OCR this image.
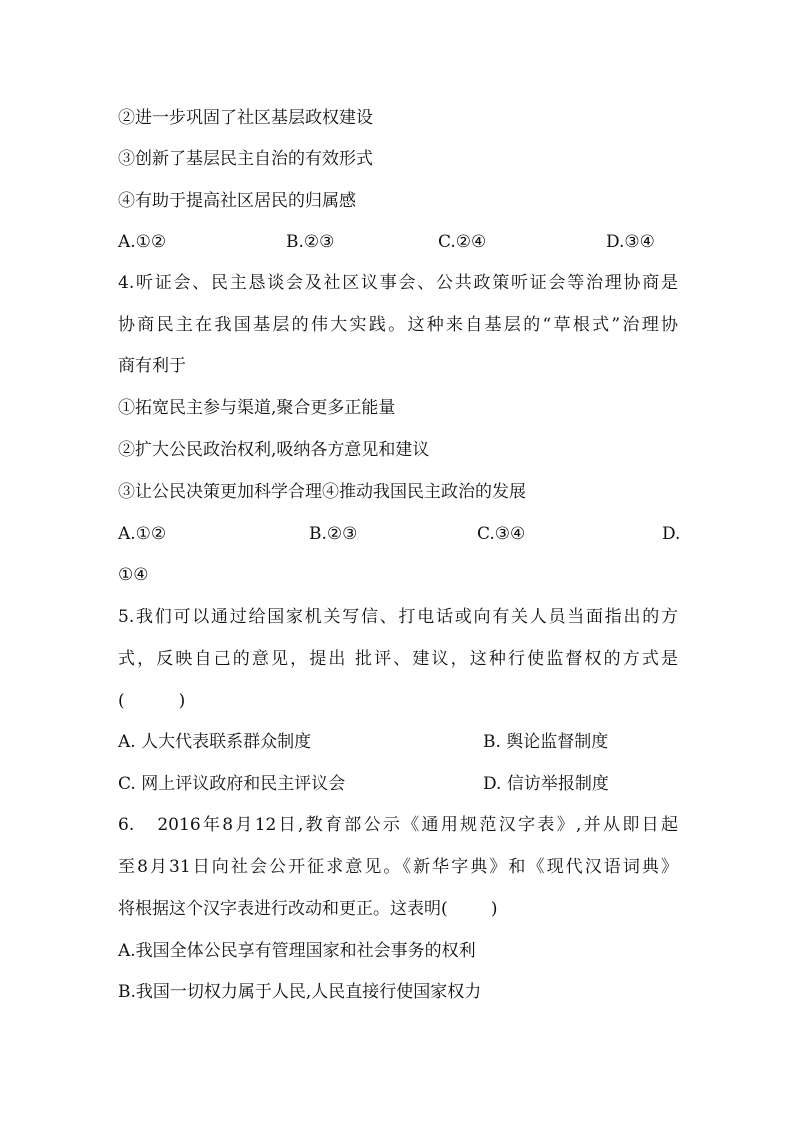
②进一步巩固了社区基层政权建设
③创新了基层民主自治的有效形式
④有助于提高社区居民的归属感
A.①②	B.②③	C.②④	D.③④
4.听证会、民主恳谈会及社区议事会、公共政策听证会等治理协商是
协商民主在我国基层的伟大实践。这种来自基层的“草根式”治理协
商有利于
①拓宽民主参与渠道,聚合更多正能量
②扩大公民政治权利,吸纳各方意见和建议
③让公民决策更加科学合理④推动我国民主政治的发展
A.①②	B.②③	C.③④	D.
①④
5.我们可以通过给国家机关写信、打电话或向有关人员当面指出的方
式，反映自己的意见，提出 批评、建议，这种行使监督权的方式是
(          )
A. 人大代表联系群众制度	B. 舆论监督制度
C. 网上评议政府和民主评议会	D. 信访举报制度
6.   2016年8月12日,教育部公示《通用规范汉字表》,并从即日起
至8月31日向社会公开征求意见。《新华字典》和《现代汉语词典》
将根据这个汉字表进行改动和更正。这表明(        )
A.我国全体公民享有管理国家和社会事务的权利
B.我国一切权力属于人民,人民直接行使国家权力
